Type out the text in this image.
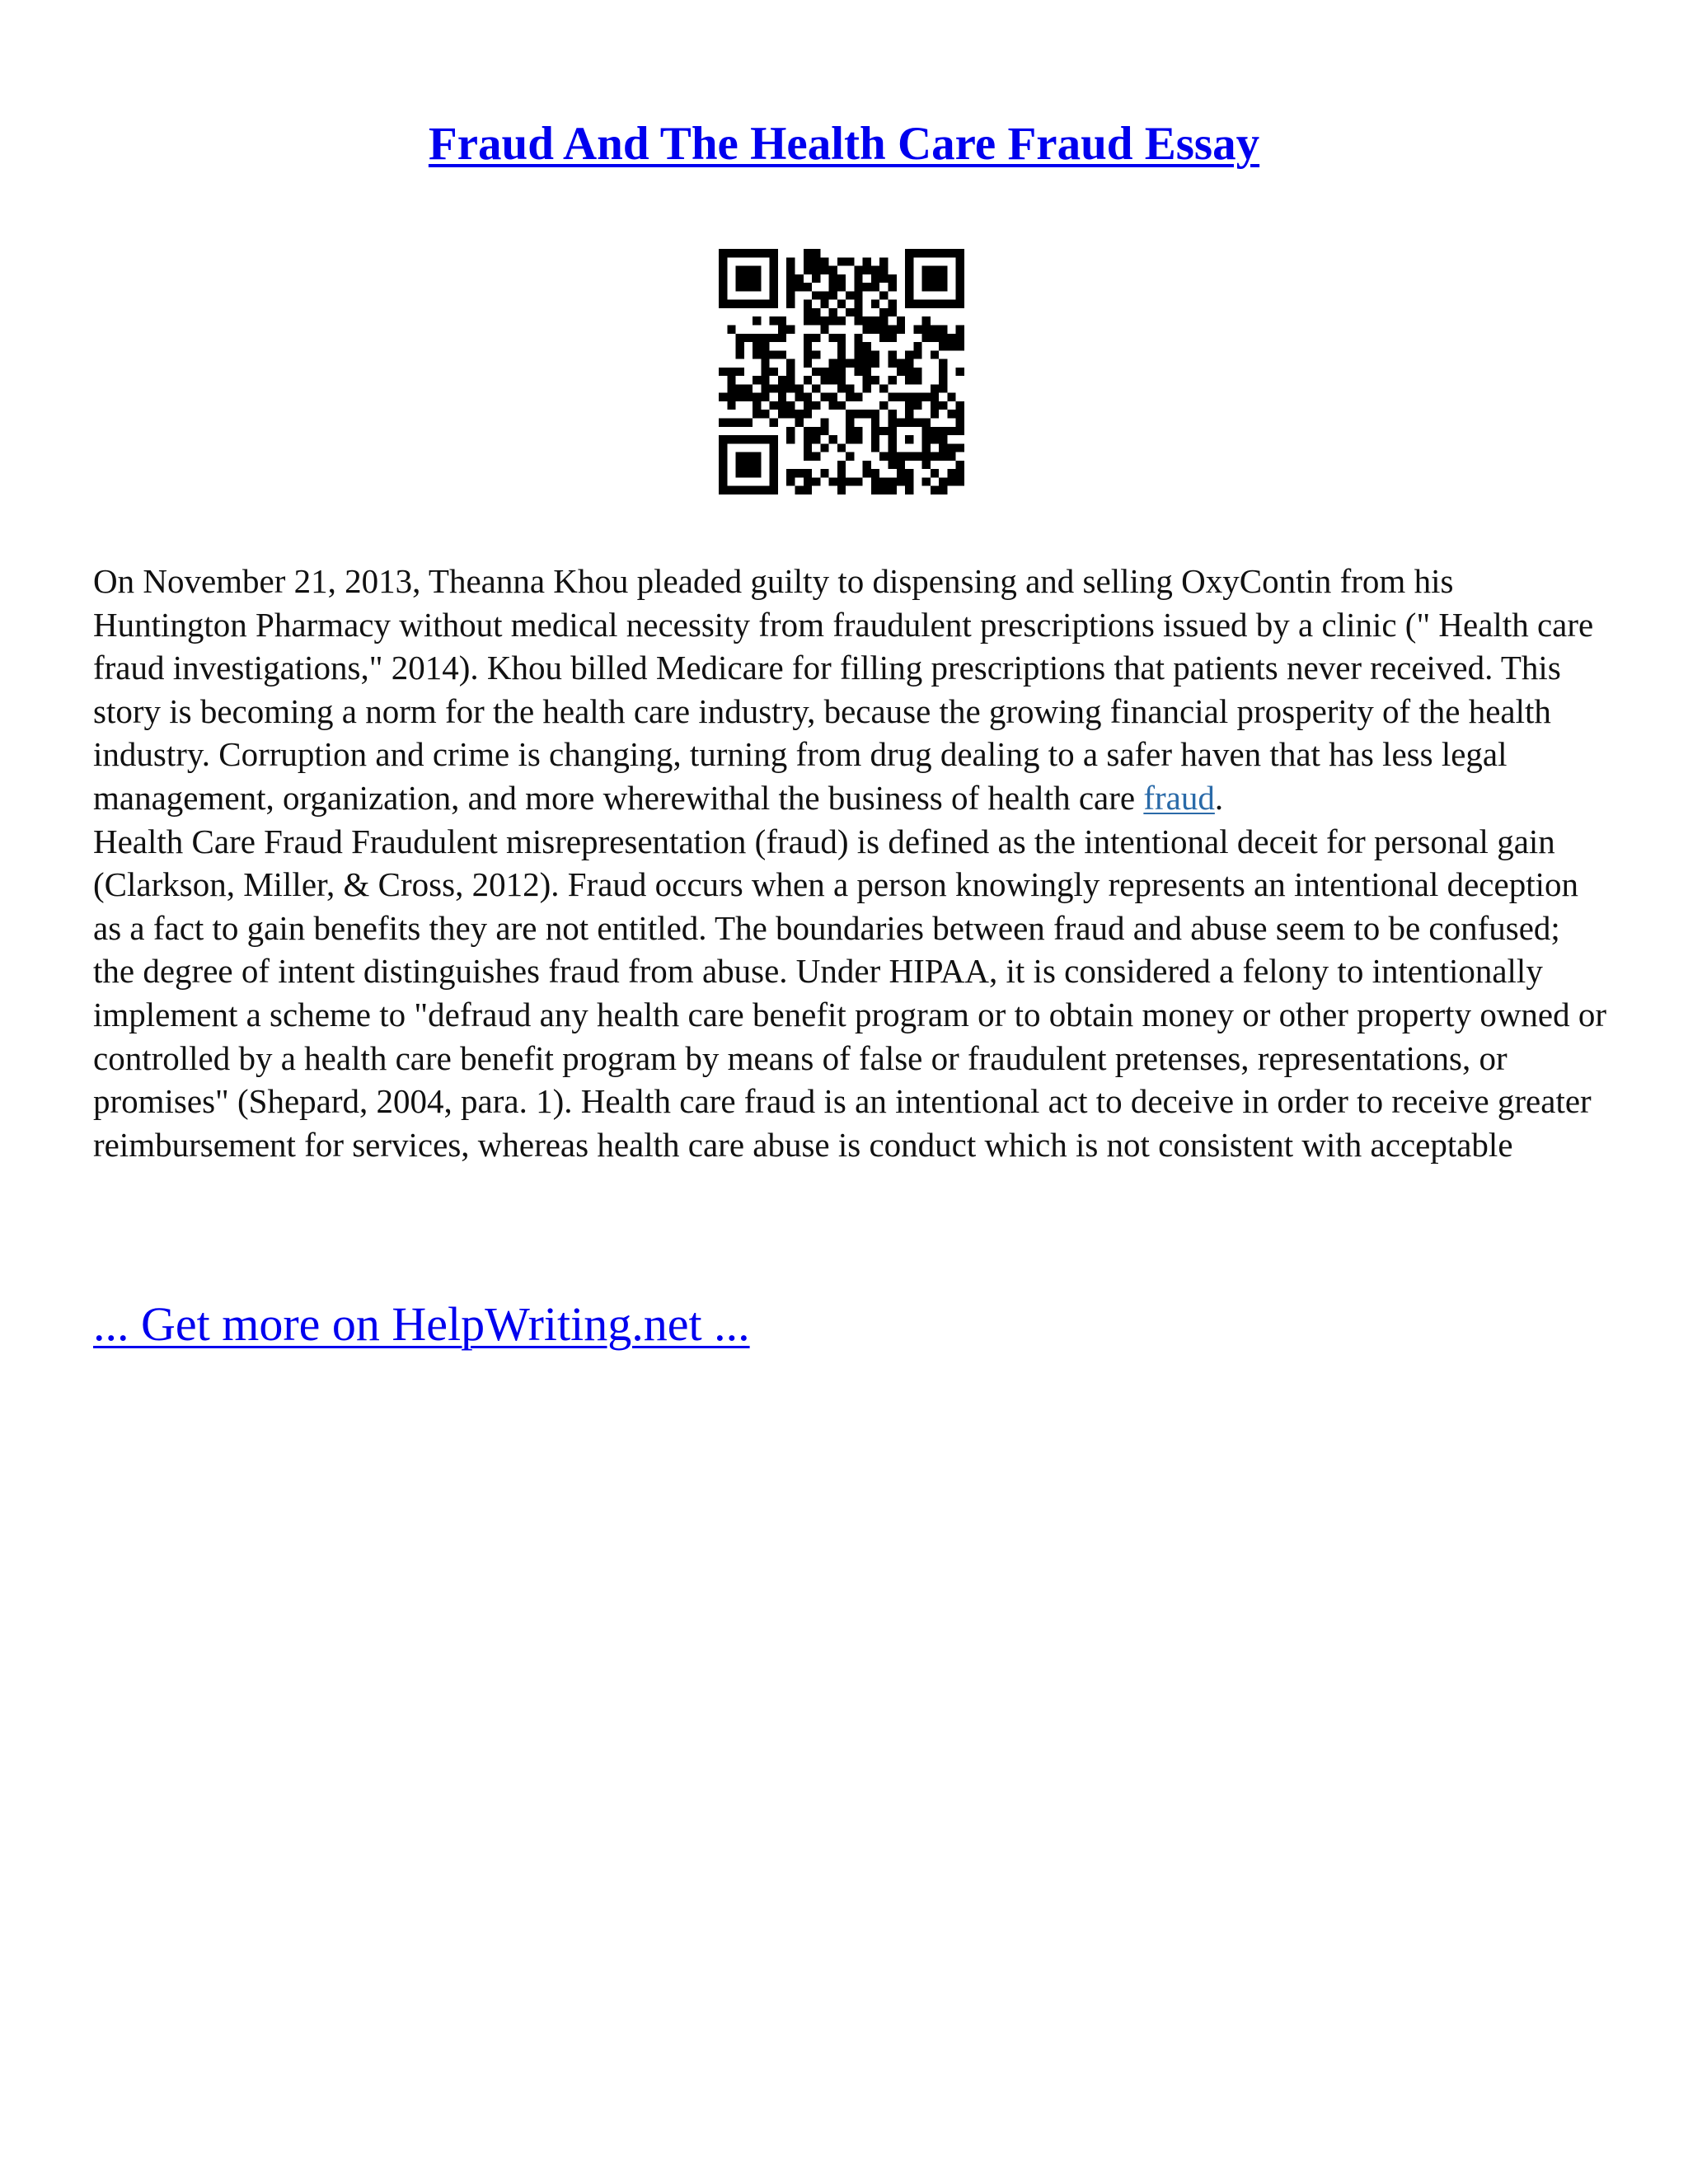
Fraud And The Health Care Fraud Essay

On November 21, 2013, Theanna Khou pleaded guilty to dispensing and selling OxyContin from his Huntington Pharmacy without medical necessity from fraudulent prescriptions issued by a clinic (" Health care fraud investigations," 2014). Khou billed Medicare for filling prescriptions that patients never received. This story is becoming a norm for the health care industry, because the growing financial prosperity of the health industry. Corruption and crime is changing, turning from drug dealing to a safer haven that has less legal management, organization, and more wherewithal the business of health care fraud.

Health Care Fraud Fraudulent misrepresentation (fraud) is defined as the intentional deceit for personal gain (Clarkson, Miller, & Cross, 2012). Fraud occurs when a person knowingly represents an intentional deception as a fact to gain benefits they are not entitled. The boundaries between fraud and abuse seem to be confused; the degree of intent distinguishes fraud from abuse. Under HIPAA, it is considered a felony to intentionally implement a scheme to "defraud any health care benefit program or to obtain money or other property owned or controlled by a health care benefit program by means of false or fraudulent pretenses, representations, or promises" (Shepard, 2004, para. 1). Health care fraud is an intentional act to deceive in order to receive greater reimbursement for services, whereas health care abuse is conduct which is not consistent with acceptable

... Get more on HelpWriting.net ...
